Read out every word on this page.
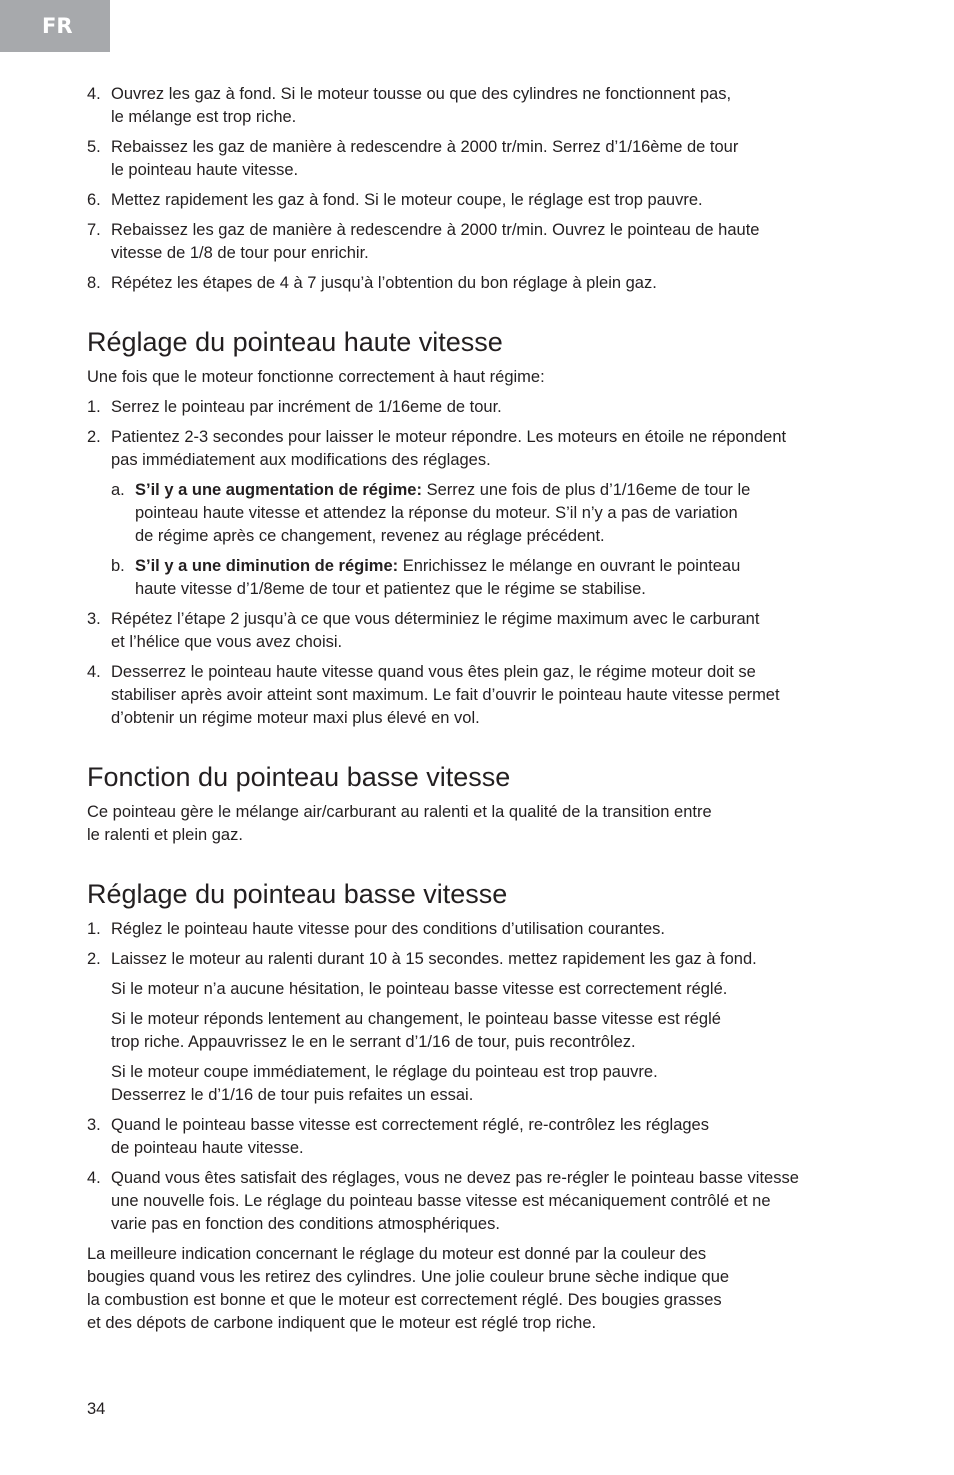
FR
4. Ouvrez les gaz à fond. Si le moteur tousse ou que des cylindres ne fonctionnent pas,
le mélange est trop riche.
5. Rebaissez les gaz de manière à redescendre à 2000 tr/min. Serrez d’1/16ème de tour
le pointeau haute vitesse.
6. Mettez rapidement les gaz à fond. Si le moteur coupe, le réglage est trop pauvre.
7. Rebaissez les gaz de manière à redescendre à 2000 tr/min. Ouvrez le pointeau de haute
vitesse de 1/8 de tour pour enrichir.
8. Répétez les étapes de 4 à 7 jusqu’à l’obtention du bon réglage à plein gaz.
Réglage du pointeau haute vitesse
Une fois que le moteur fonctionne correctement à haut régime:
1. Serrez le pointeau par incrément de 1/16eme de tour.
2. Patientez 2-3 secondes pour laisser le moteur répondre. Les moteurs en étoile ne répondent
pas immédiatement aux modifications des réglages.
a. S’il y a une augmentation de régime: Serrez une fois de plus d’1/16eme de tour le
pointeau haute vitesse et attendez la réponse du moteur. S’il n’y a pas de variation
de régime après ce changement, revenez au réglage précédent.
b. S’il y a une diminution de régime: Enrichissez le mélange en ouvrant le pointeau
haute vitesse d’1/8eme de tour et patientez que le régime se stabilise.
3. Répétez l’étape 2 jusqu’à ce que vous déterminiez le régime maximum avec le carburant
et l’hélice que vous avez choisi.
4. Desserrez le pointeau haute vitesse quand vous êtes plein gaz, le régime moteur doit se
stabiliser après avoir atteint sont maximum. Le fait d’ouvrir le pointeau haute vitesse permet
d’obtenir un régime moteur maxi plus élevé en vol.
Fonction du pointeau basse vitesse
Ce pointeau gère le mélange air/carburant au ralenti et la qualité de la transition entre
le ralenti et plein gaz.
Réglage du pointeau basse vitesse
1. Réglez le pointeau haute vitesse pour des conditions d’utilisation courantes.
2. Laissez le moteur au ralenti durant 10 à 15 secondes. mettez rapidement les gaz à fond.
Si le moteur n’a aucune hésitation, le pointeau basse vitesse est correctement réglé.
Si le moteur réponds lentement au changement, le pointeau basse vitesse est réglé
trop riche. Appauvrissez le en le serrant d’1/16 de tour, puis recontrôlez.
Si le moteur coupe immédiatement, le réglage du pointeau est trop pauvre.
Desserrez le d’1/16 de tour puis refaites un essai.
3. Quand le pointeau basse vitesse est correctement réglé, re-contrôlez les réglages
de pointeau haute vitesse.
4. Quand vous êtes satisfait des réglages, vous ne devez pas re-régler le pointeau basse vitesse
une nouvelle fois. Le réglage du pointeau basse vitesse est mécaniquement contrôlé et ne
varie pas en fonction des conditions atmosphériques.
La meilleure indication concernant le réglage du moteur est donné par la couleur des
bougies quand vous les retirez des cylindres. Une jolie couleur brune sèche indique que
la combustion est bonne et que le moteur est correctement réglé. Des bougies grasses
et des dépots de carbone indiquent que le moteur est réglé trop riche.
34
